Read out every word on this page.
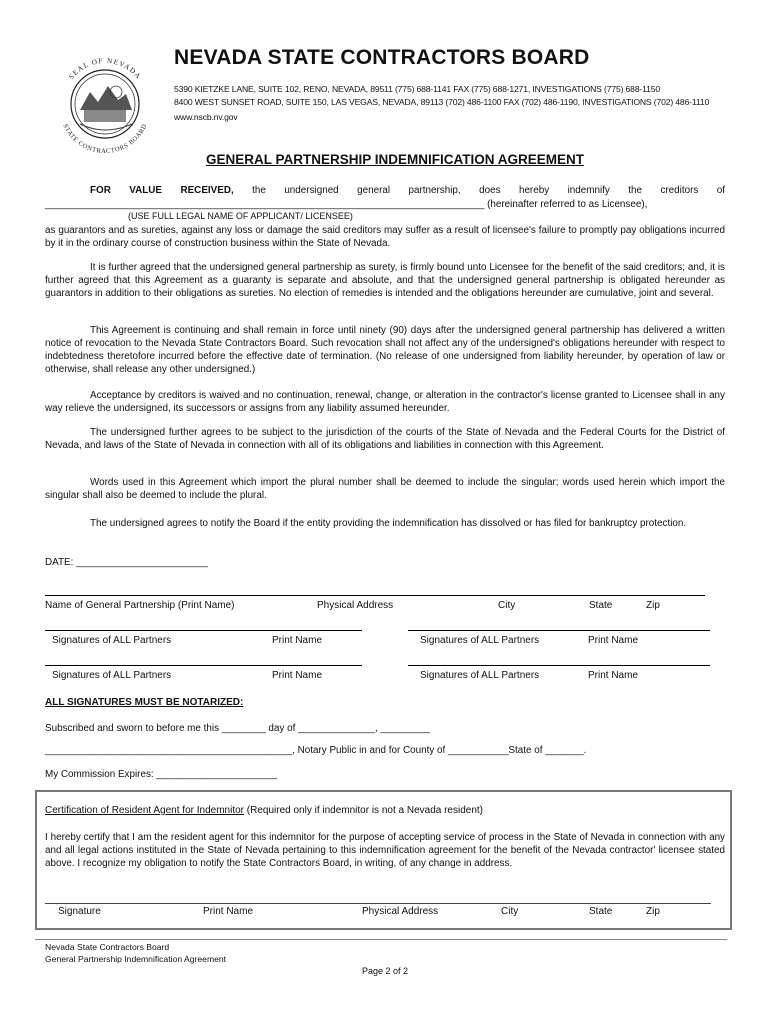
SEAL OF NEVADA
STATE CONTRACTORS BOARD
NEVADA STATE CONTRACTORS BOARD
5390 KIETZKE LANE, SUITE 102, RENO, NEVADA, 89511 (775) 688-1141 FAX (775) 688-1271, INVESTIGATIONS (775) 688-1150
8400 WEST SUNSET ROAD, SUITE 150, LAS VEGAS, NEVADA, 89113 (702) 486-1100 FAX (702) 486-1190, INVESTIGATIONS (702) 486-1110
www.nscb.nv.gov
GENERAL PARTNERSHIP INDEMNIFICATION AGREEMENT
FOR VALUE RECEIVED, the undersigned general partnership, does hereby indemnify the creditors of
________________________________________________________________________________ (hereinafter referred to as Licensee),
(USE FULL LEGAL NAME OF APPLICANT/ LICENSEE)
as guarantors and as sureties, against any loss or damage the said creditors may suffer as a result of licensee's failure to promptly pay obligations incurred by it in the ordinary course of construction business within the State of Nevada.
It is further agreed that the undersigned general partnership as surety, is firmly bound unto Licensee for the benefit of the said creditors; and, it is further agreed that this Agreement as a guaranty is separate and absolute, and that the undersigned general partnership is obligated hereunder as guarantors in addition to their obligations as sureties. No election of remedies is intended and the obligations hereunder are cumulative, joint and several.
This Agreement is continuing and shall remain in force until ninety (90) days after the undersigned general partnership has delivered a written notice of revocation to the Nevada State Contractors Board. Such revocation shall not affect any of the undersigned's obligations hereunder with respect to indebtedness theretofore incurred before the effective date of termination. (No release of one undersigned from liability hereunder, by operation of law or otherwise, shall release any other undersigned.)
Acceptance by creditors is waived and no continuation, renewal, change, or alteration in the contractor's license granted to Licensee shall in any way relieve the undersigned, its successors or assigns from any liability assumed hereunder.
The undersigned further agrees to be subject to the jurisdiction of the courts of the State of Nevada and the Federal Courts for the District of Nevada, and laws of the State of Nevada in connection with all of its obligations and liabilities in connection with this Agreement.
Words used in this Agreement which import the plural number shall be deemed to include the singular; words used herein which import the singular shall also be deemed to include the plural.
The undersigned agrees to notify the Board if the entity providing the indemnification has dissolved or has filed for bankruptcy protection.
DATE: ________________________
Name of General Partnership (Print Name)	Physical Address	City	State	Zip
Signatures of ALL Partners	Print Name	Signatures of ALL Partners	Print Name
Signatures of ALL Partners	Print Name	Signatures of ALL Partners	Print Name
ALL SIGNATURES MUST BE NOTARIZED:
Subscribed and sworn to before me this ________ day of ______________, _________
_____________________________________________, Notary Public in and for County of ___________State of _______.
My Commission Expires: ______________________
Certification of Resident Agent for Indemnitor (Required only if indemnitor is not a Nevada resident)
I hereby certify that I am the resident agent for this indemnitor for the purpose of accepting service of process in the State of Nevada in connection with any and all legal actions instituted in the State of Nevada pertaining to this indemnification agreement for the benefit of the Nevada contractor' licensee stated above. I recognize my obligation to notify the State Contractors Board, in writing, of any change in address.
Signature	Print Name	Physical Address	City	State	Zip
Nevada State Contractors Board
General Partnership Indemnification Agreement
Page 2 of 2
